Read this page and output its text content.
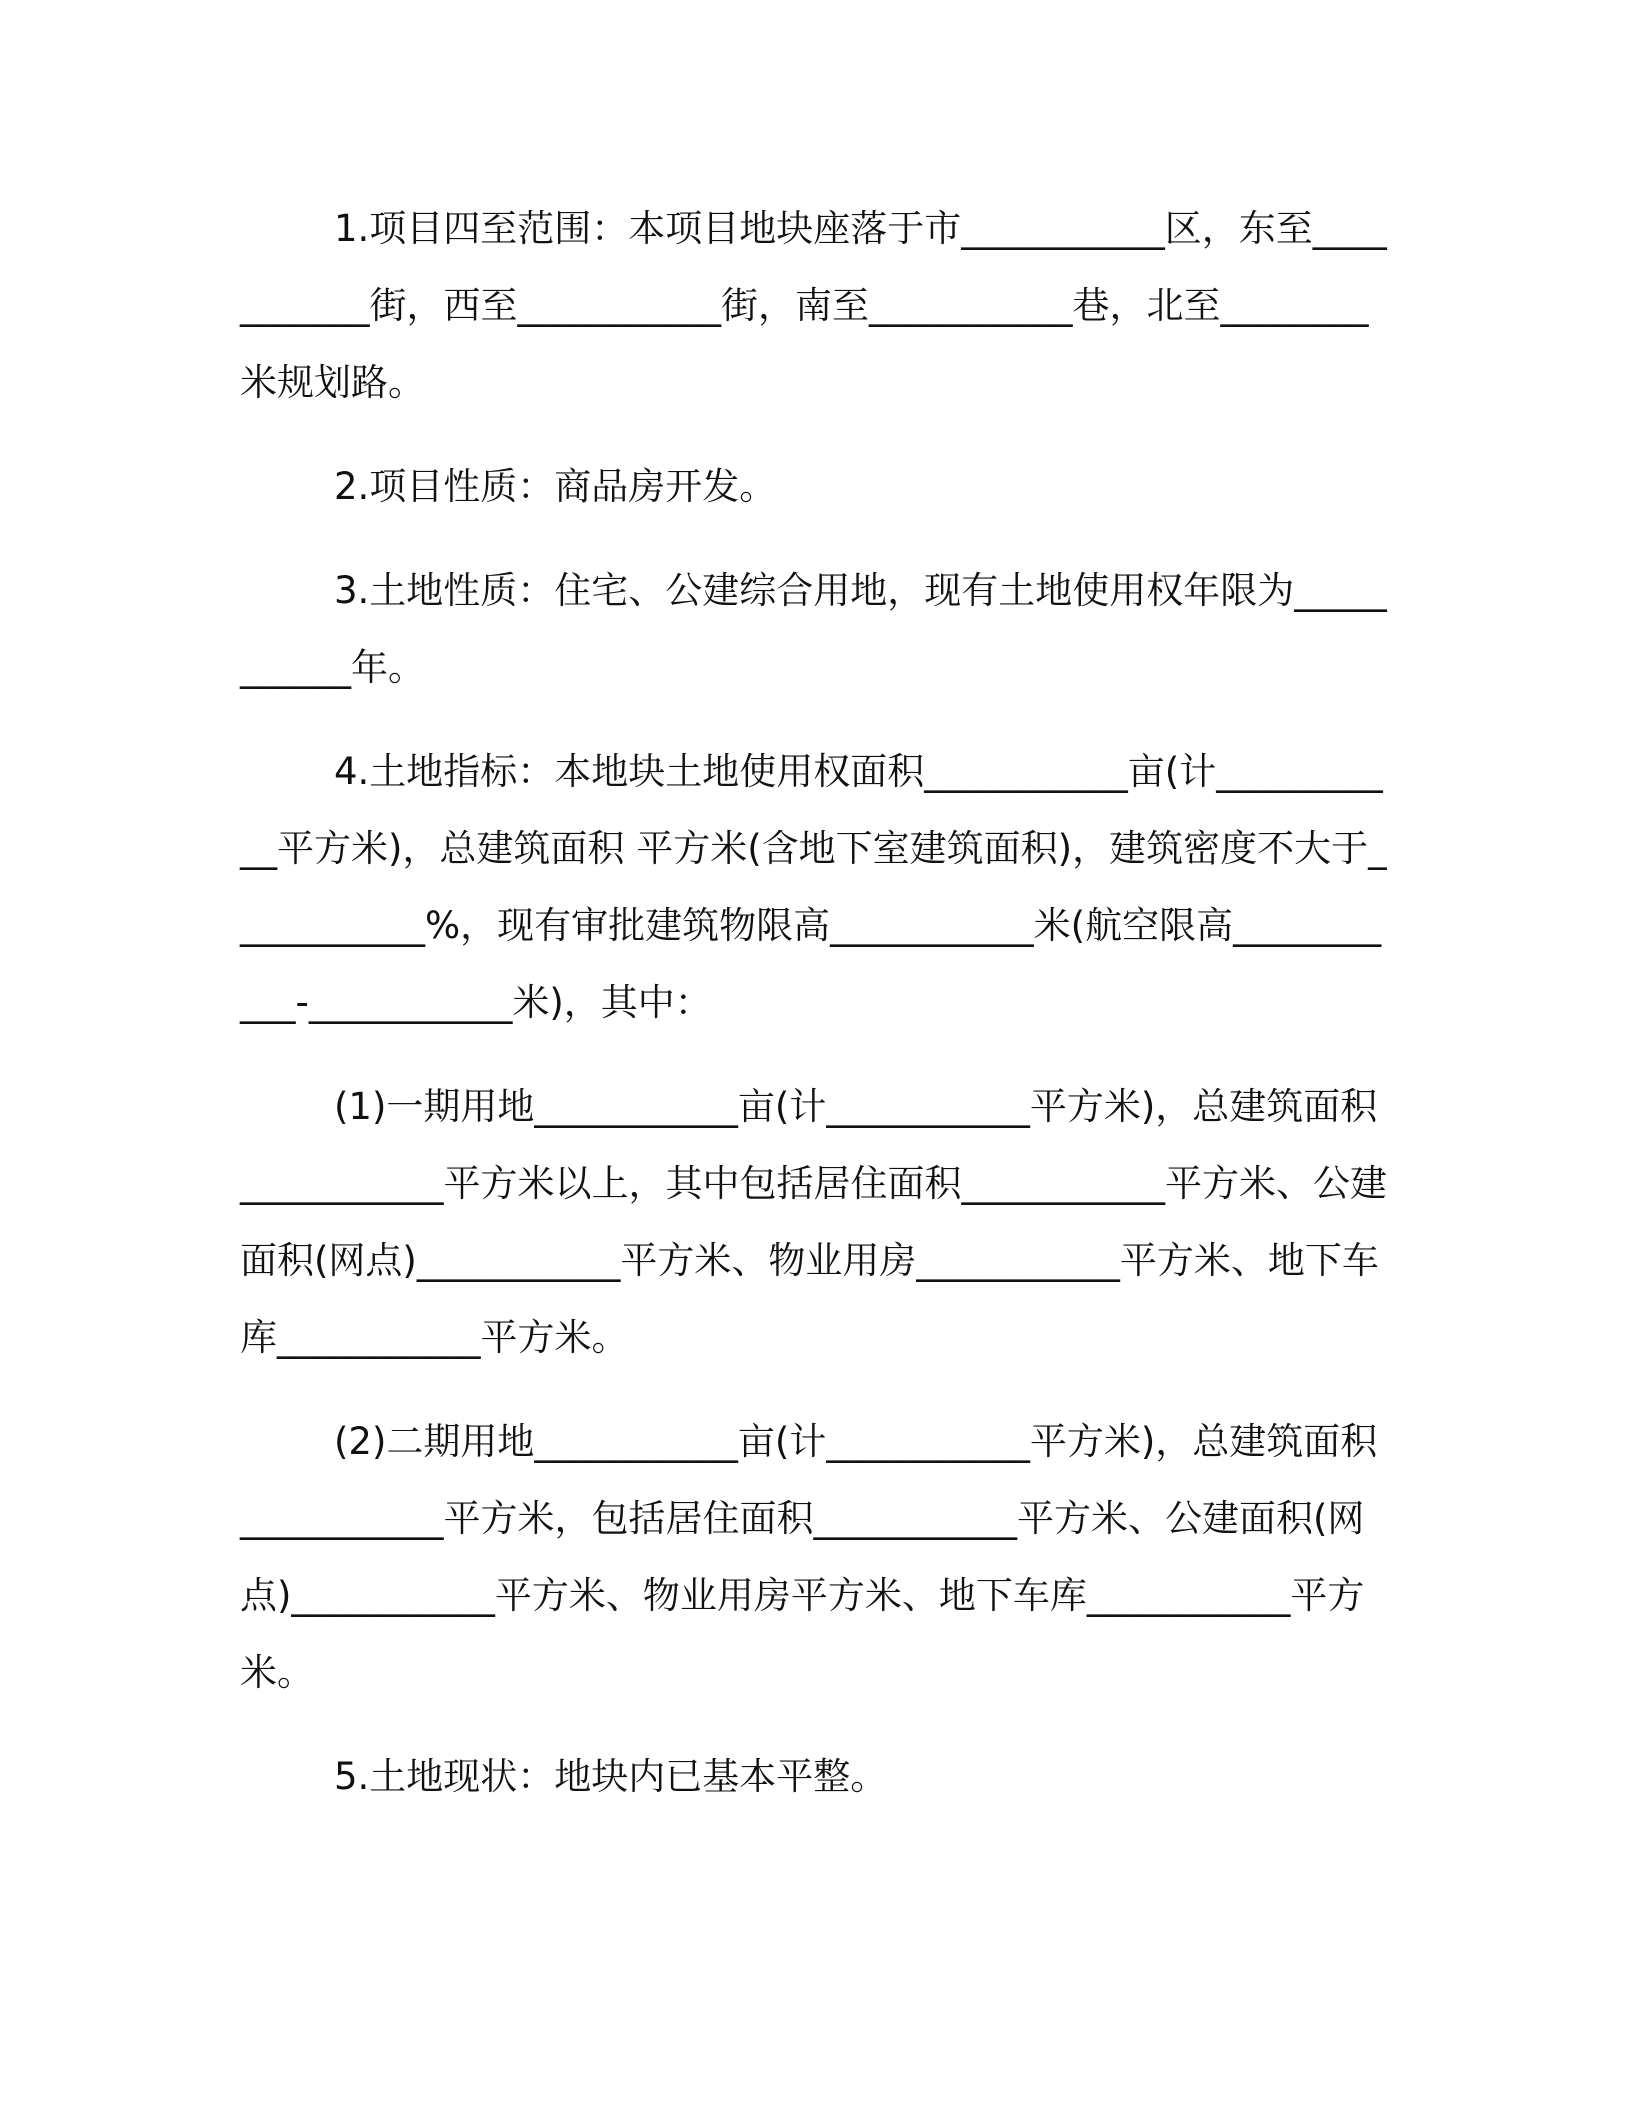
1.项目四至范围：本项目地块座落于市___________区，东至___________街，西至___________街，南至___________巷，北至________米规划路。

2.项目性质：商品房开发。

3.土地性质：住宅、公建综合用地，现有土地使用权年限为___________年。

4.土地指标：本地块土地使用权面积___________亩(计___________平方米)，总建筑面积 平方米(含地下室建筑面积)，建筑密度不大于___________%，现有审批建筑物限高___________米(航空限高___________-___________米)，其中：

(1)一期用地___________亩(计___________平方米)，总建筑面积___________平方米以上，其中包括居住面积___________平方米、公建面积(网点)___________平方米、物业用房___________平方米、地下车库___________平方米。

(2)二期用地___________亩(计___________平方米)，总建筑面积___________平方米，包括居住面积___________平方米、公建面积(网点)___________平方米、物业用房平方米、地下车库___________平方米。

5.土地现状：地块内已基本平整。
